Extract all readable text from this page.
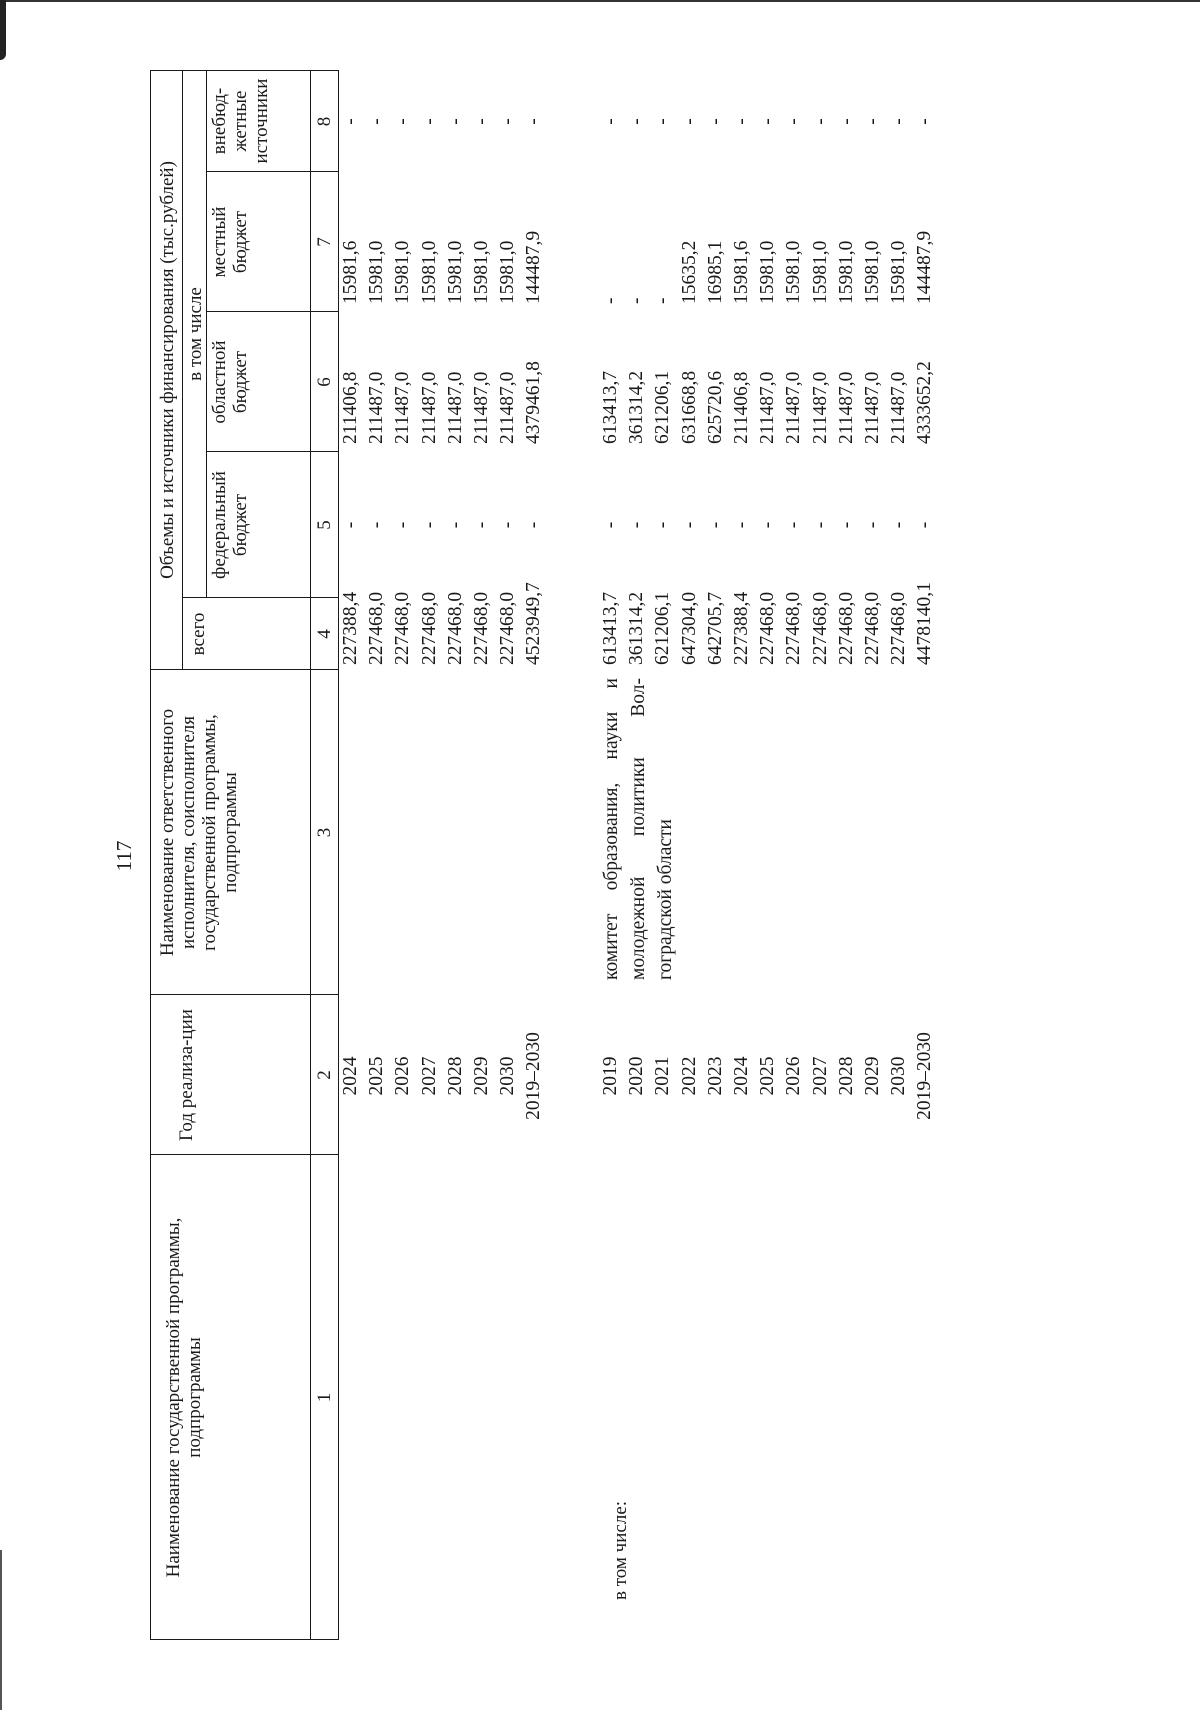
117
Наименование государственной программы, подпрограммы
Год реализа-ции
Наименование ответственного исполнителя, соисполнителя государственной программы, подпрограммы
Объемы и источники финансирования (тыс.рублей)
всего
в том числе
федеральный бюджет
областной бюджет
местный бюджет
внебюд-жетные источники
1
2
3
4
5
6
7
8
2024 2025 2026 2027 2028 2029 2030 2019–2030
227388,4 227468,0 227468,0 227468,0 227468,0 227468,0 227468,0 4523949,7
- - - - - - - -
211406,8 211487,0 211487,0 211487,0 211487,0 211487,0 211487,0 4379461,8
15981,6 15981,0 15981,0 15981,0 15981,0 15981,0 15981,0 144487,9
- - - - - - - -
в том числе:
комитет образования, науки и молодежной политики Вол-гоградской области
2019 2020 2021 2022 2023 2024 2025 2026 2027 2028 2029 2030 2019–2030
613413,7 361314,2 621206,1 647304,0 642705,7 227388,4 227468,0 227468,0 227468,0 227468,0 227468,0 227468,0 4478140,1
- - - - - - - - - - - - -
613413,7 361314,2 621206,1 631668,8 625720,6 211406,8 211487,0 211487,0 211487,0 211487,0 211487,0 211487,0 4333652,2
- - - 15635,2 16985,1 15981,6 15981,0 15981,0 15981,0 15981,0 15981,0 15981,0 144487,9
- - - - - - - - - - - - -
